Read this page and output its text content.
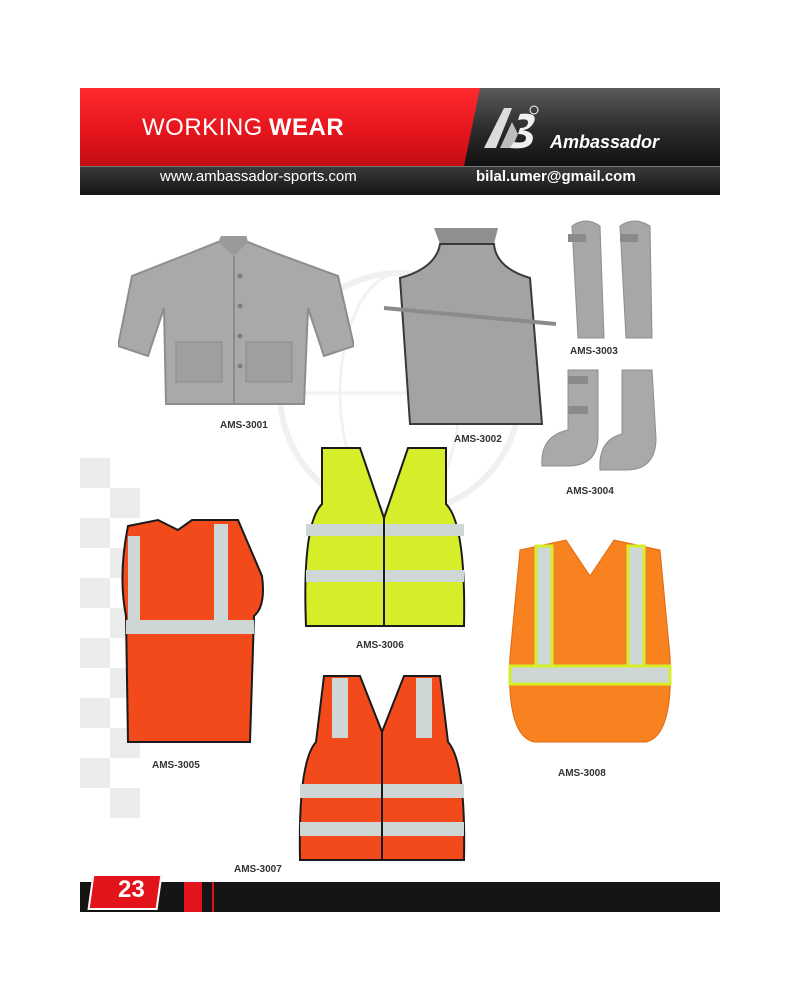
WORKING WEAR
Ambassador
www.ambassador-sports.com	bilal.umer@gmail.com
AMS-3001
AMS-3002
AMS-3003
AMS-3004
AMS-3006
AMS-3005
AMS-3008
AMS-3007
23
